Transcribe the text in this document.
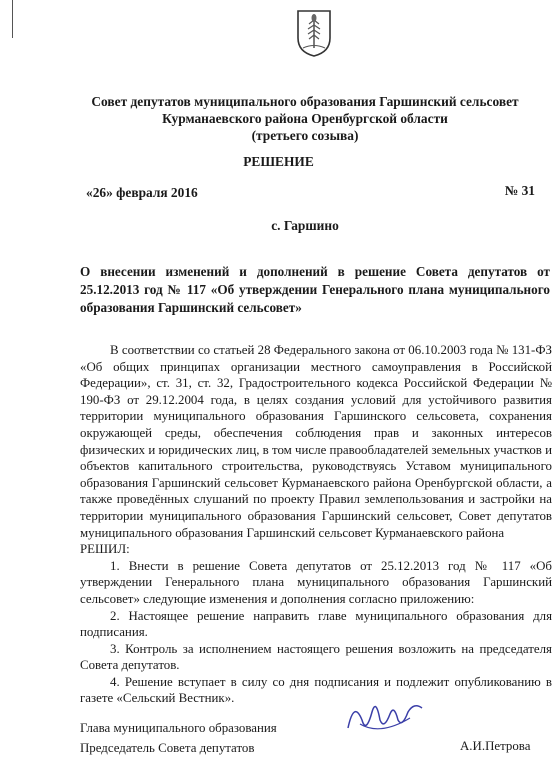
Совет депутатов муниципального образования Гаршинский сельсовет
Курманаевского района Оренбургской области
(третьего созыва)
РЕШЕНИЕ
«26» февраля 2016	№ 31
с. Гаршино
О внесении изменений и дополнений в решение Совета депутатов от 25.12.2013 год № 117 «Об утверждении Генерального плана муниципального образования Гаршинский сельсовет»

В соответствии со статьей 28 Федерального закона от 06.10.2003 года № 131-ФЗ «Об общих принципах организации местного самоуправления в Российской Федерации», ст. 31, ст. 32, Градостроительного кодекса Российской Федерации № 190-ФЗ от 29.12.2004 года, в целях создания условий для устойчивого развития территории муниципального образования Гаршинского сельсовета, сохранения окружающей среды, обеспечения соблюдения прав и законных интересов физических и юридических лиц, в том числе правообладателей земельных участков и объектов капитального строительства, руководствуясь Уставом муниципального образования Гаршинский сельсовет Курманаевского района Оренбургской области, а также проведённых слушаний по проекту Правил землепользования и застройки на территории муниципального образования Гаршинский сельсовет, Совет депутатов муниципального образования Гаршинский сельсовет Курманаевского района

РЕШИЛ:

1. Внести в решение Совета депутатов от 25.12.2013 год № 117 «Об утверждении Генерального плана муниципального образования Гаршинский сельсовет» следующие изменения и дополнения согласно приложению:

2. Настоящее решение направить главе муниципального образования для подписания.

3. Контроль за исполнением настоящего решения возложить на председателя Совета депутатов.

4. Решение вступает в силу со дня подписания и подлежит опубликованию в газете «Сельский Вестник».

Глава муниципального образования
Председатель Совета депутатов	А.И.Петрова
